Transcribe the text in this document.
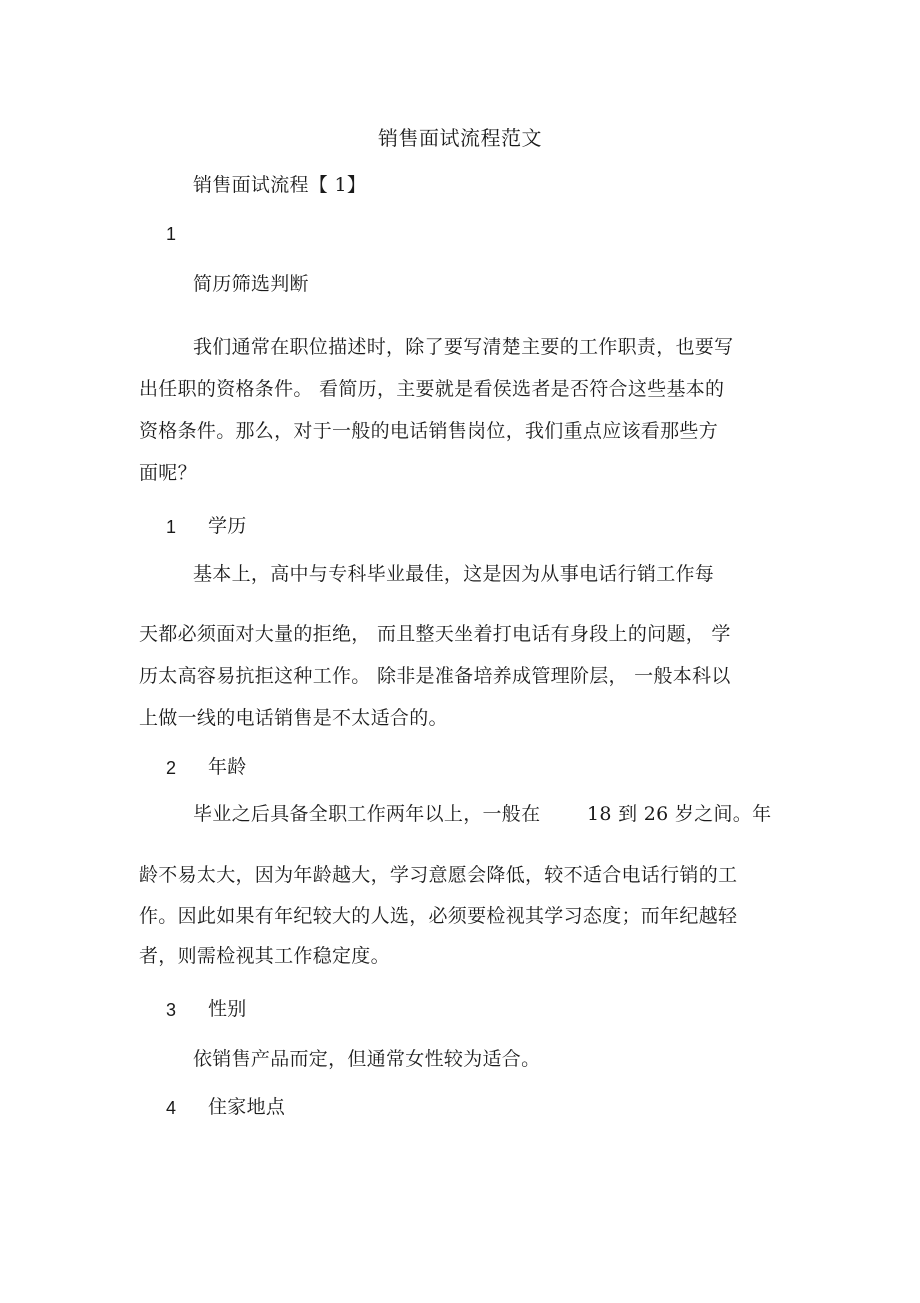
销售面试流程范文
销售面试流程【 1】
1
简历筛选判断
我们通常在职位描述时，除了要写清楚主要的工作职责，也要写
出任职的资格条件。 看简历，主要就是看侯选者是否符合这些基本的
资格条件。那么，对于一般的电话销售岗位，我们重点应该看那些方
面呢？
1 学历
基本上，高中与专科毕业最佳，这是因为从事电话行销工作每
天都必须面对大量的拒绝， 而且整天坐着打电话有身段上的问题， 学
历太高容易抗拒这种工作。 除非是准备培养成管理阶层， 一般本科以
上做一线的电话销售是不太适合的。
2 年龄
毕业之后具备全职工作两年以上，一般在 18 到 26 岁之间。年
龄不易太大，因为年龄越大，学习意愿会降低，较不适合电话行销的工
作。因此如果有年纪较大的人选，必须要检视其学习态度；而年纪越轻
者，则需检视其工作稳定度。
3 性别
依销售产品而定，但通常女性较为适合。
4 住家地点
